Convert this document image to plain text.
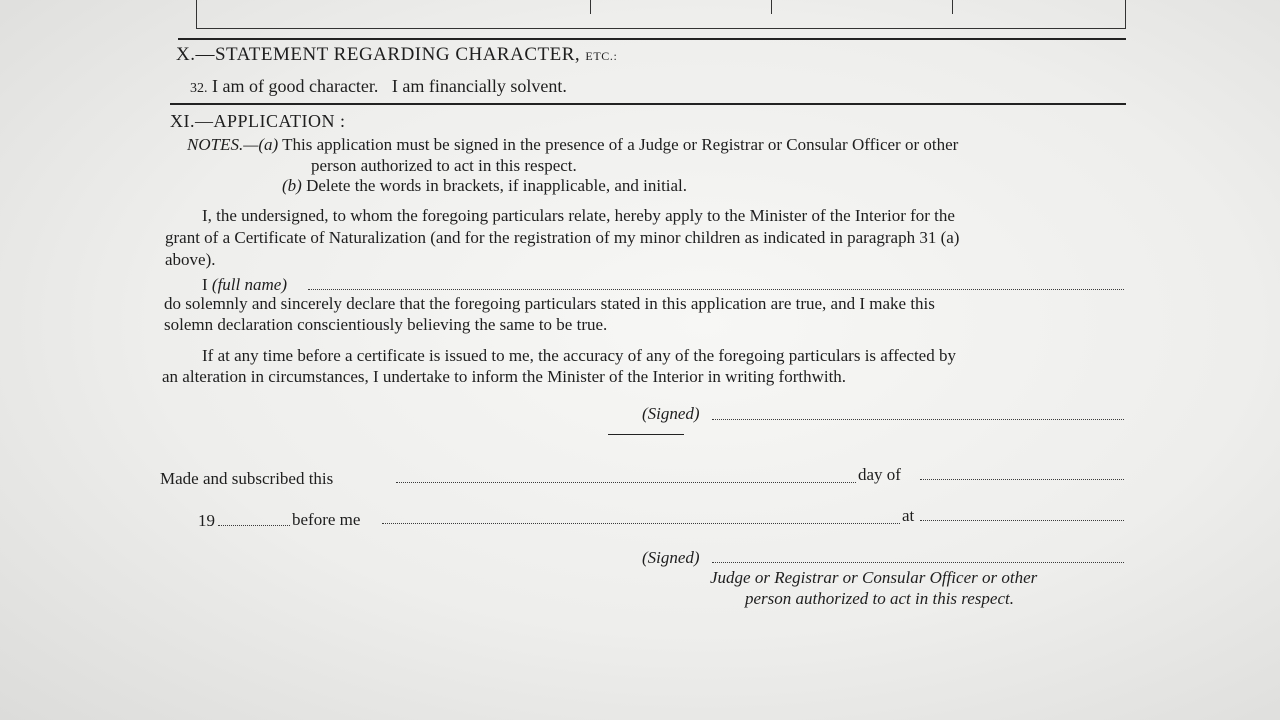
X.—STATEMENT REGARDING CHARACTER, ETC.:
32. I am of good character.   I am financially solvent.
XI.—APPLICATION :
NOTES.—(a) This application must be signed in the presence of a Judge or Registrar or Consular Officer or other
person authorized to act in this respect.
(b) Delete the words in brackets, if inapplicable, and initial.
I, the undersigned, to whom the foregoing particulars relate, hereby apply to the Minister of the Interior for the
grant of a Certificate of Naturalization (and for the registration of my minor children as indicated in paragraph 31 (a)
above).
I (full name)
do solemnly and sincerely declare that the foregoing particulars stated in this application are true, and I make this
solemn declaration conscientiously believing the same to be true.
If at any time before a certificate is issued to me, the accuracy of any of the foregoing particulars is affected by
an alteration in circumstances, I undertake to inform the Minister of the Interior in writing forthwith.
(Signed)
Made and subscribed this	day of
19	before me	at
(Signed)
Judge or Registrar or Consular Officer or other
person authorized to act in this respect.
